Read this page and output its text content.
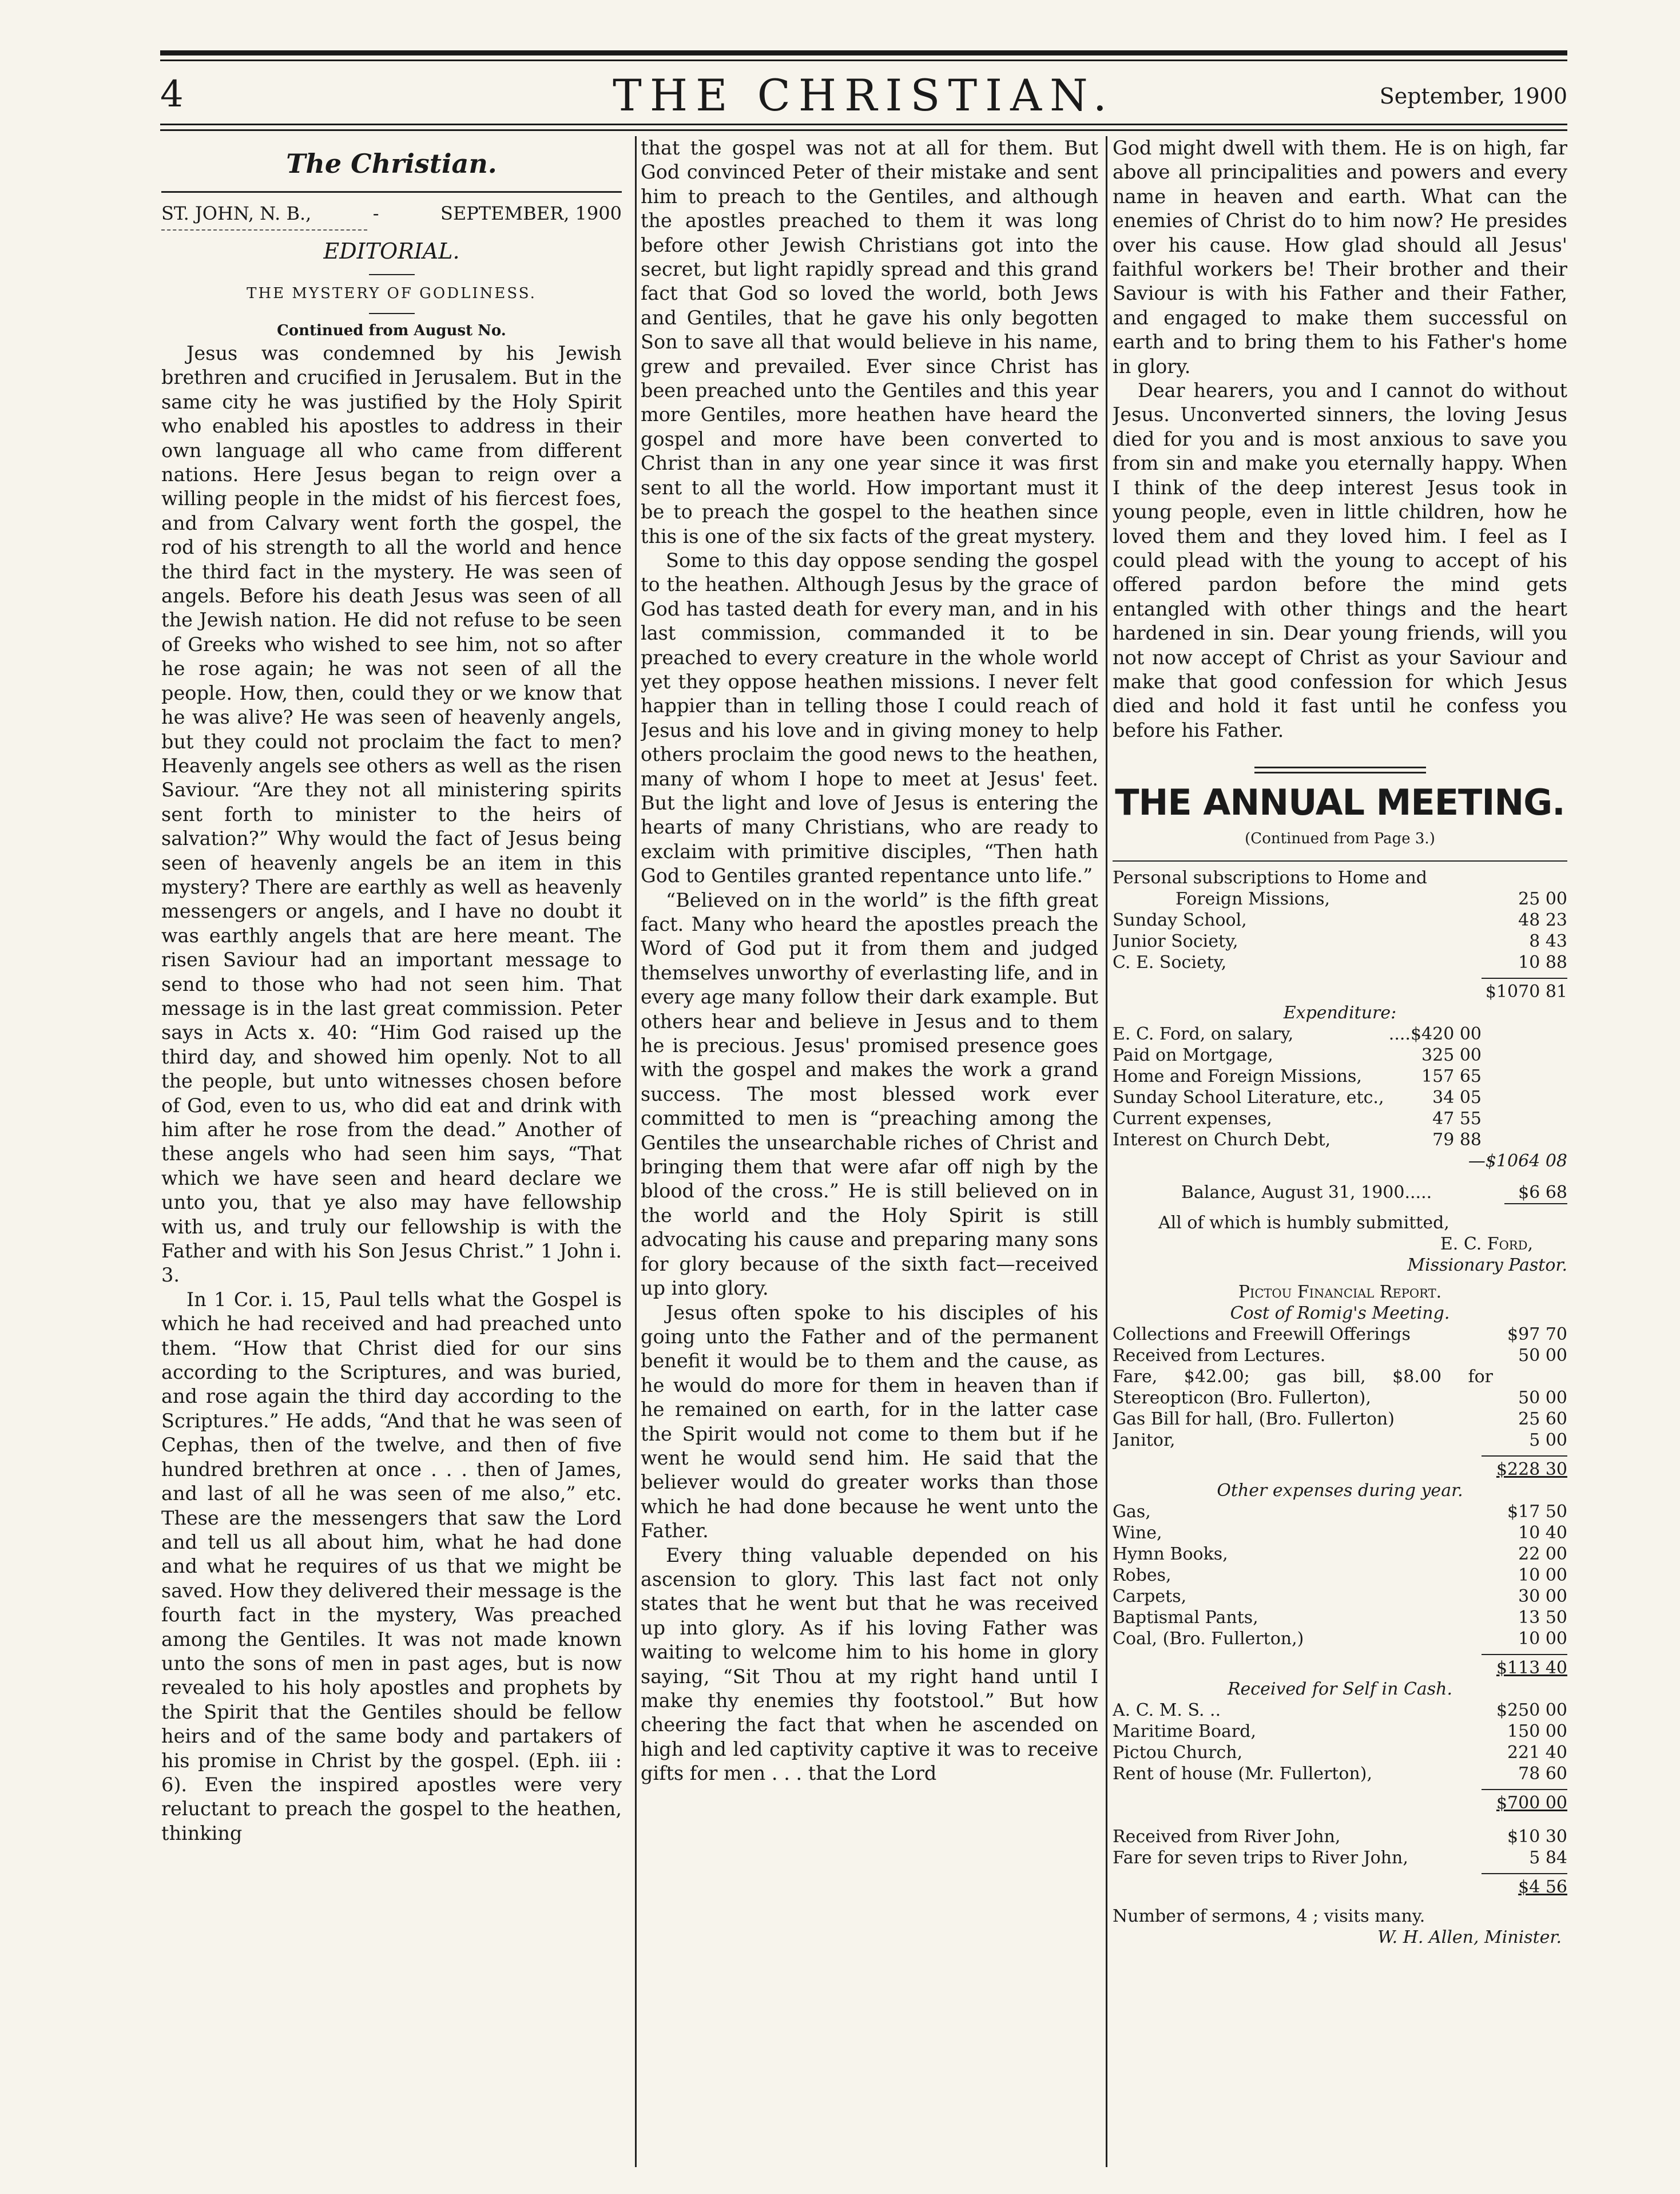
4	THE CHRISTIAN.	September, 1900
The Christian.
ST. JOHN, N. B.,	-	SEPTEMBER, 1900
EDITORIAL.
THE MYSTERY OF GODLINESS.
Continued from August No.

Jesus was condemned by his Jewish brethren and crucified in Jerusalem. But in the same city he was justified by the Holy Spirit who enabled his apostles to address in their own language all who came from different nations. Here Jesus began to reign over a willing people in the midst of his fiercest foes, and from Calvary went forth the gospel, the rod of his strength to all the world and hence the third fact in the mystery. He was seen of angels. Before his death Jesus was seen of all the Jewish nation. He did not refuse to be seen of Greeks who wished to see him, not so after he rose again; he was not seen of all the people. How, then, could they or we know that he was alive? He was seen of heavenly angels, but they could not proclaim the fact to men? Heavenly angels see others as well as the risen Saviour. “Are they not all ministering spirits sent forth to minister to the heirs of salvation?” Why would the fact of Jesus being seen of heavenly angels be an item in this mystery? There are earthly as well as heavenly messengers or angels, and I have no doubt it was earthly angels that are here meant. The risen Saviour had an important message to send to those who had not seen him. That message is in the last great commission. Peter says in Acts x. 40: “Him God raised up the third day, and showed him openly. Not to all the people, but unto witnesses chosen before of God, even to us, who did eat and drink with him after he rose from the dead.” Another of these angels who had seen him says, “That which we have seen and heard declare we unto you, that ye also may have fellowship with us, and truly our fellowship is with the Father and with his Son Jesus Christ.” 1 John i. 3.

In 1 Cor. i. 15, Paul tells what the Gospel is which he had received and had preached unto them. “How that Christ died for our sins according to the Scriptures, and was buried, and rose again the third day according to the Scriptures.” He adds, “And that he was seen of Cephas, then of the twelve, and then of five hundred brethren at once . . . then of James, and last of all he was seen of me also,” etc. These are the messengers that saw the Lord and tell us all about him, what he had done and what he requires of us that we might be saved. How they delivered their message is the fourth fact in the mystery, Was preached among the Gentiles. It was not made known unto the sons of men in past ages, but is now revealed to his holy apostles and prophets by the Spirit that the Gentiles should be fellow heirs and of the same body and partakers of his promise in Christ by the gospel. (Eph. iii : 6). Even the inspired apostles were very reluctant to preach the gospel to the heathen, thinking

that the gospel was not at all for them. But God convinced Peter of their mistake and sent him to preach to the Gentiles, and although the apostles preached to them it was long before other Jewish Christians got into the secret, but light rapidly spread and this grand fact that God so loved the world, both Jews and Gentiles, that he gave his only begotten Son to save all that would believe in his name, grew and prevailed. Ever since Christ has been preached unto the Gentiles and this year more Gentiles, more heathen have heard the gospel and more have been converted to Christ than in any one year since it was first sent to all the world. How important must it be to preach the gospel to the heathen since this is one of the six facts of the great mystery.

Some to this day oppose sending the gospel to the heathen. Although Jesus by the grace of God has tasted death for every man, and in his last commission, commanded it to be preached to every creature in the whole world yet they oppose heathen missions. I never felt happier than in telling those I could reach of Jesus and his love and in giving money to help others proclaim the good news to the heathen, many of whom I hope to meet at Jesus' feet. But the light and love of Jesus is entering the hearts of many Christians, who are ready to exclaim with primitive disciples, “Then hath God to Gentiles granted repentance unto life.”

“Believed on in the world” is the fifth great fact. Many who heard the apostles preach the Word of God put it from them and judged themselves unworthy of everlasting life, and in every age many follow their dark example. But others hear and believe in Jesus and to them he is precious. Jesus' promised presence goes with the gospel and makes the work a grand success. The most blessed work ever committed to men is “preaching among the Gentiles the unsearchable riches of Christ and bringing them that were afar off nigh by the blood of the cross.” He is still believed on in the world and the Holy Spirit is still advocating his cause and preparing many sons for glory because of the sixth fact—received up into glory.

Jesus often spoke to his disciples of his going unto the Father and of the permanent benefit it would be to them and the cause, as he would do more for them in heaven than if he remained on earth, for in the latter case the Spirit would not come to them but if he went he would send him. He said that the believer would do greater works than those which he had done because he went unto the Father.

Every thing valuable depended on his ascension to glory. This last fact not only states that he went but that he was received up into glory. As if his loving Father was waiting to welcome him to his home in glory saying, “Sit Thou at my right hand until I make thy enemies thy footstool.” But how cheering the fact that when he ascended on high and led captivity captive it was to receive gifts for men . . . that the Lord

God might dwell with them. He is on high, far above all principalities and powers and every name in heaven and earth. What can the enemies of Christ do to him now? He presides over his cause. How glad should all Jesus' faithful workers be! Their brother and their Saviour is with his Father and their Father, and engaged to make them successful on earth and to bring them to his Father's home in glory.

Dear hearers, you and I cannot do without Jesus. Unconverted sinners, the loving Jesus died for you and is most anxious to save you from sin and make you eternally happy. When I think of the deep interest Jesus took in young people, even in little children, how he loved them and they loved him. I feel as I could plead with the young to accept of his offered pardon before the mind gets entangled with other things and the heart hardened in sin. Dear young friends, will you not now accept of Christ as your Saviour and make that good confession for which Jesus died and hold it fast until he confess you before his Father.

THE ANNUAL MEETING.
(Continued from Page 3.)
Personal subscriptions to Home and
Foreign Missions,	25 00
Sunday School,	48 23
Junior Society,	8 43
C. E. Society,	10 88
$1070 81
Expenditure:
E. C. Ford, on salary,	....$420 00
Paid on Mortgage,	325 00
Home and Foreign Missions,	157 65
Sunday School Literature, etc.,	34 05
Current expenses,	47 55
Interest on Church Debt,	79 88
—$1064 08
Balance, August 31, 1900.....	$6 68
All of which is humbly submitted,
E. C. Ford,
Missionary Pastor.
Pictou Financial Report.
Cost of Romig's Meeting.
Collections and Freewill Offerings	$97 70
Received from Lectures.	50 00
Fare, $42.00; gas bill, $8.00 for Stereopticon (Bro. Fullerton),	50 00
Gas Bill for hall, (Bro. Fullerton)	25 60
Janitor,	5 00
$228 30
Other expenses during year.
Gas,	$17 50
Wine,	10 40
Hymn Books,	22 00
Robes,	10 00
Carpets,	30 00
Baptismal Pants,	13 50
Coal, (Bro. Fullerton,)	10 00
$113 40
Received for Self in Cash.
A. C. M. S. ..	$250 00
Maritime Board,	150 00
Pictou Church,	221 40
Rent of house (Mr. Fullerton),	78 60
$700 00
Received from River John,	$10 30
Fare for seven trips to River John,	5 84
$4 56
Number of sermons, 4 ; visits many.
W. H. Allen, Minister.
